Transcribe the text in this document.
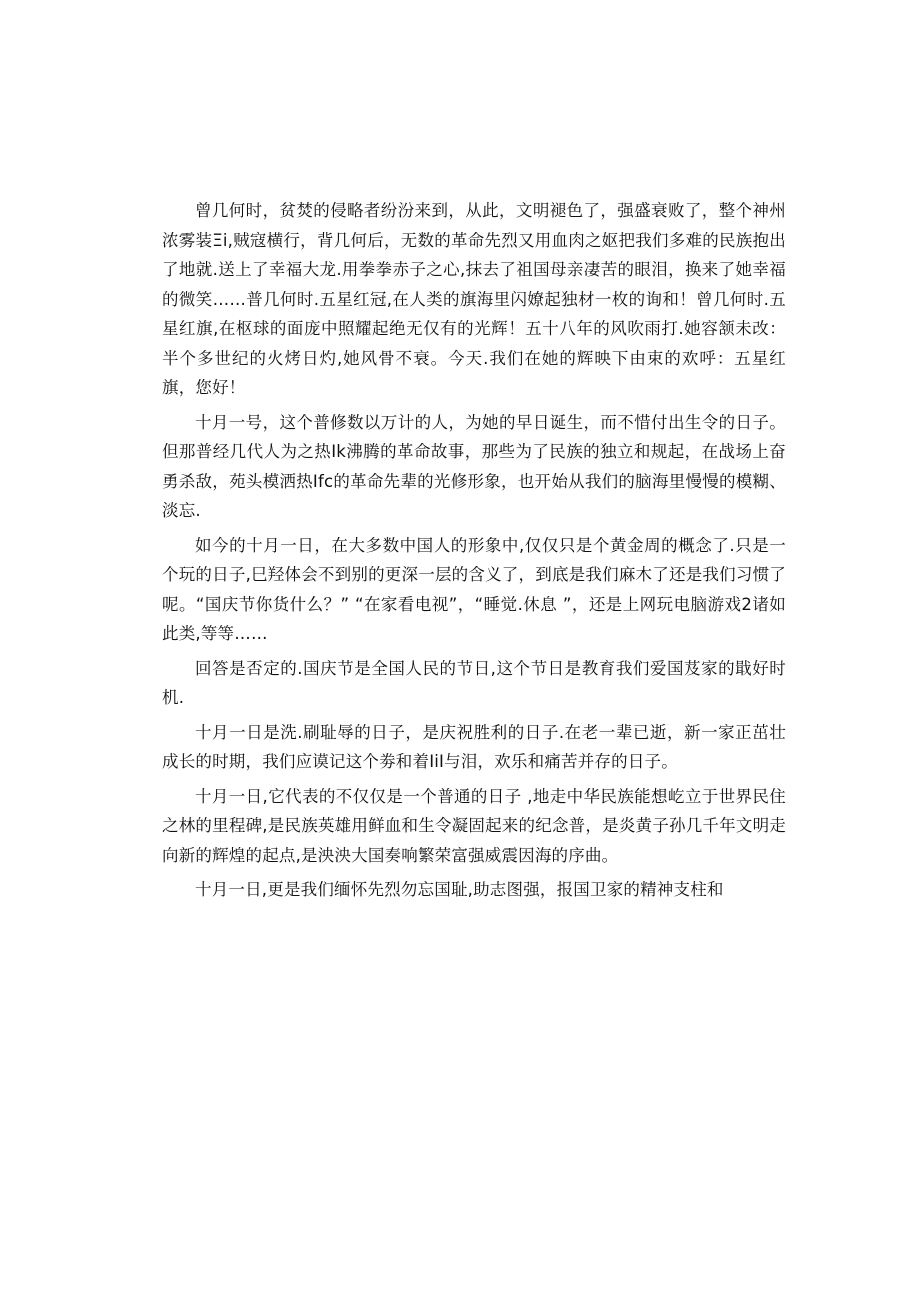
曾几何时，贫焚的侵略者纷汾来到，从此，文明褪色了，强盛衰败了，整个神州浓雾装Ξi,贼寇横行，背几何后，无数的革命先烈又用血肉之妪把我们多难的民族抱出了地就.送上了幸福大龙.用拳拳赤子之心,抹去了祖国母亲凄苦的眼泪，换来了她幸福的微笑……普几何时.五星红冠,在人类的旗海里闪嫽起独材一枚的询和！曾几何时.五星红旗,在枢球的面庞中照耀起绝无仅有的光辉！五十八年的风吹雨打.她容颔未改：半个多世纪的火烤日灼,她风骨不衰。今天.我们在她的辉映下由束的欢呼：五星红旗，您好！

十月一号，这个普修数以万计的人，为她的早日诞生，而不惜付出生令的日子。但那普经几代人为之热Ik沸腾的革命故事，那些为了民族的独立和规起，在战场上奋勇杀敌，苑头模洒热Ifc的革命先辈的光修形象，也开始从我们的脑海里慢慢的模糊、淡忘.

如今的十月一日，在大多数中国人的形象中,仅仅只是个黄金周的概念了.只是一个玩的日子,巳羟体会不到别的更深一层的含义了，到底是我们麻木了还是我们习惯了呢。“国庆节你货什么？” “在家看电视”，“睡觉.休息 ”，还是上网玩电脑游戏2诸如此类,等等……

回答是否定的.国庆节是全国人民的节日,这个节日是教育我们爱国芨家的戢好时机.

十月一日是洗.刷耻辱的日子，是庆祝胜利的日子.在老一辈已逝，新一家正茁壮成长的时期，我们应谟记这个劵和着IiI与泪，欢乐和痛苦并存的日子。

十月一日,它代表的不仅仅是一个普通的日子 ,地走中华民族能想屹立于世界民住之林的里程碑,是民族英雄用鲜血和生令凝固起来的纪念普，是炎黄子孙几千年文明走向新的辉煌的起点,是泱泱大国奏响繁荣富强威震因海的序曲。

十月一日,更是我们缅怀先烈勿忘国耻,助志图强，报国卫家的精神支柱和
